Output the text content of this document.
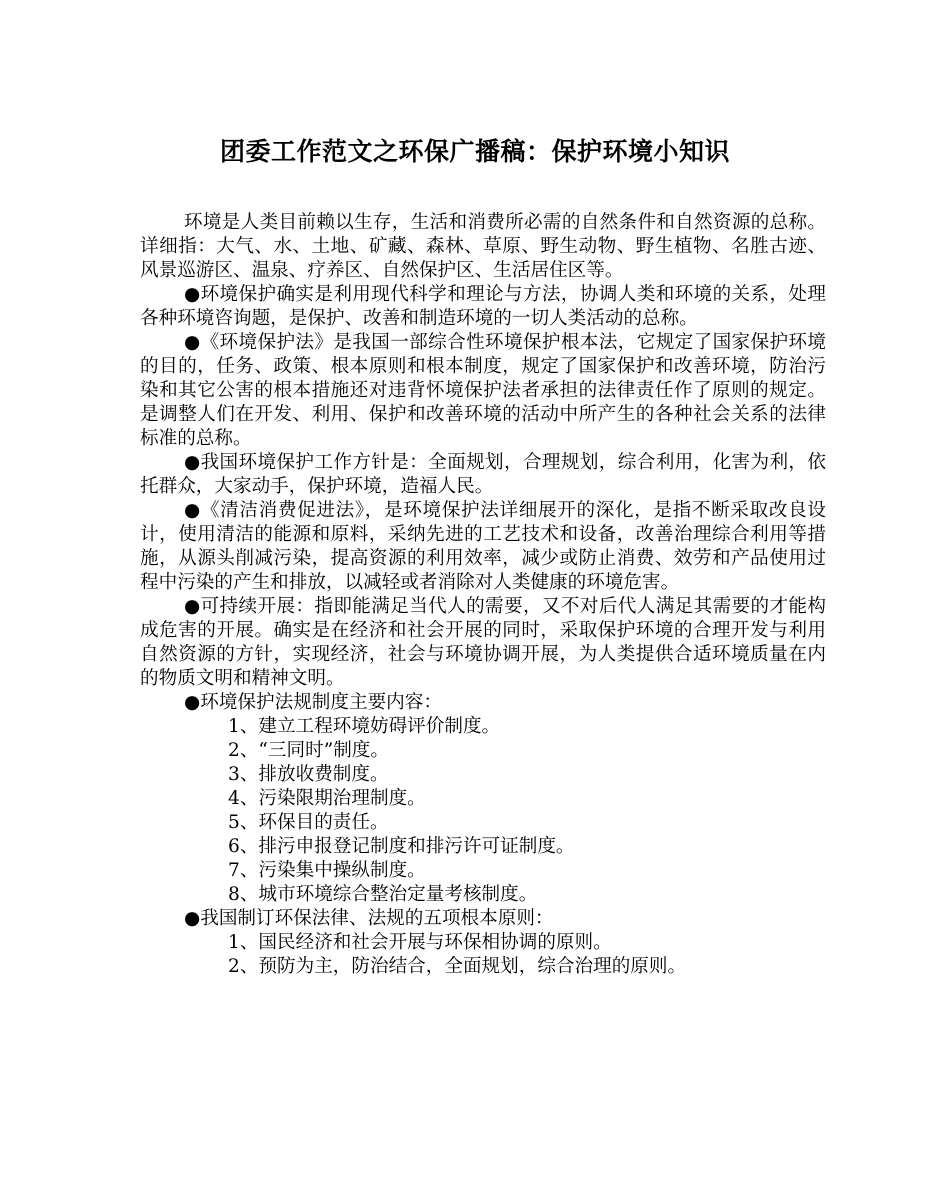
团委工作范文之环保广播稿：保护环境小知识

环境是人类目前赖以生存，生活和消费所必需的自然条件和自然资源的总称。详细指：大气、水、土地、矿藏、森林、草原、野生动物、野生植物、名胜古迹、风景巡游区、温泉、疗养区、自然保护区、生活居住区等。

●环境保护确实是利用现代科学和理论与方法，协调人类和环境的关系，处理各种环境咨询题，是保护、改善和制造环境的一切人类活动的总称。

●《环境保护法》是我国一部综合性环境保护根本法，它规定了国家保护环境的目的，任务、政策、根本原则和根本制度，规定了国家保护和改善环境，防治污染和其它公害的根本措施还对违背怀境保护法者承担的法律责任作了原则的规定。是调整人们在开发、利用、保护和改善环境的活动中所产生的各种社会关系的法律标准的总称。

●我国环境保护工作方针是：全面规划，合理规划，综合利用，化害为利，依托群众，大家动手，保护环境，造福人民。

●《清洁消费促进法》，是环境保护法详细展开的深化，是指不断采取改良设计，使用清洁的能源和原料，采纳先进的工艺技术和设备，改善治理综合利用等措施，从源头削减污染，提高资源的利用效率，减少或防止消费、效劳和产品使用过程中污染的产生和排放，以减轻或者消除对人类健康的环境危害。

●可持续开展：指即能满足当代人的需要，又不对后代人满足其需要的才能构成危害的开展。确实是在经济和社会开展的同时，采取保护环境的合理开发与利用自然资源的方针，实现经济，社会与环境协调开展，为人类提供合适环境质量在内的物质文明和精神文明。

●环境保护法规制度主要内容：

1、建立工程环境妨碍评价制度。

2、“三同时”制度。

3、排放收费制度。

4、污染限期治理制度。

5、环保目的责任。

6、排污申报登记制度和排污许可证制度。

7、污染集中操纵制度。

8、城市环境综合整治定量考核制度。

●我国制订环保法律、法规的五项根本原则：

1、国民经济和社会开展与环保相协调的原则。

2、预防为主，防治结合，全面规划，综合治理的原则。
